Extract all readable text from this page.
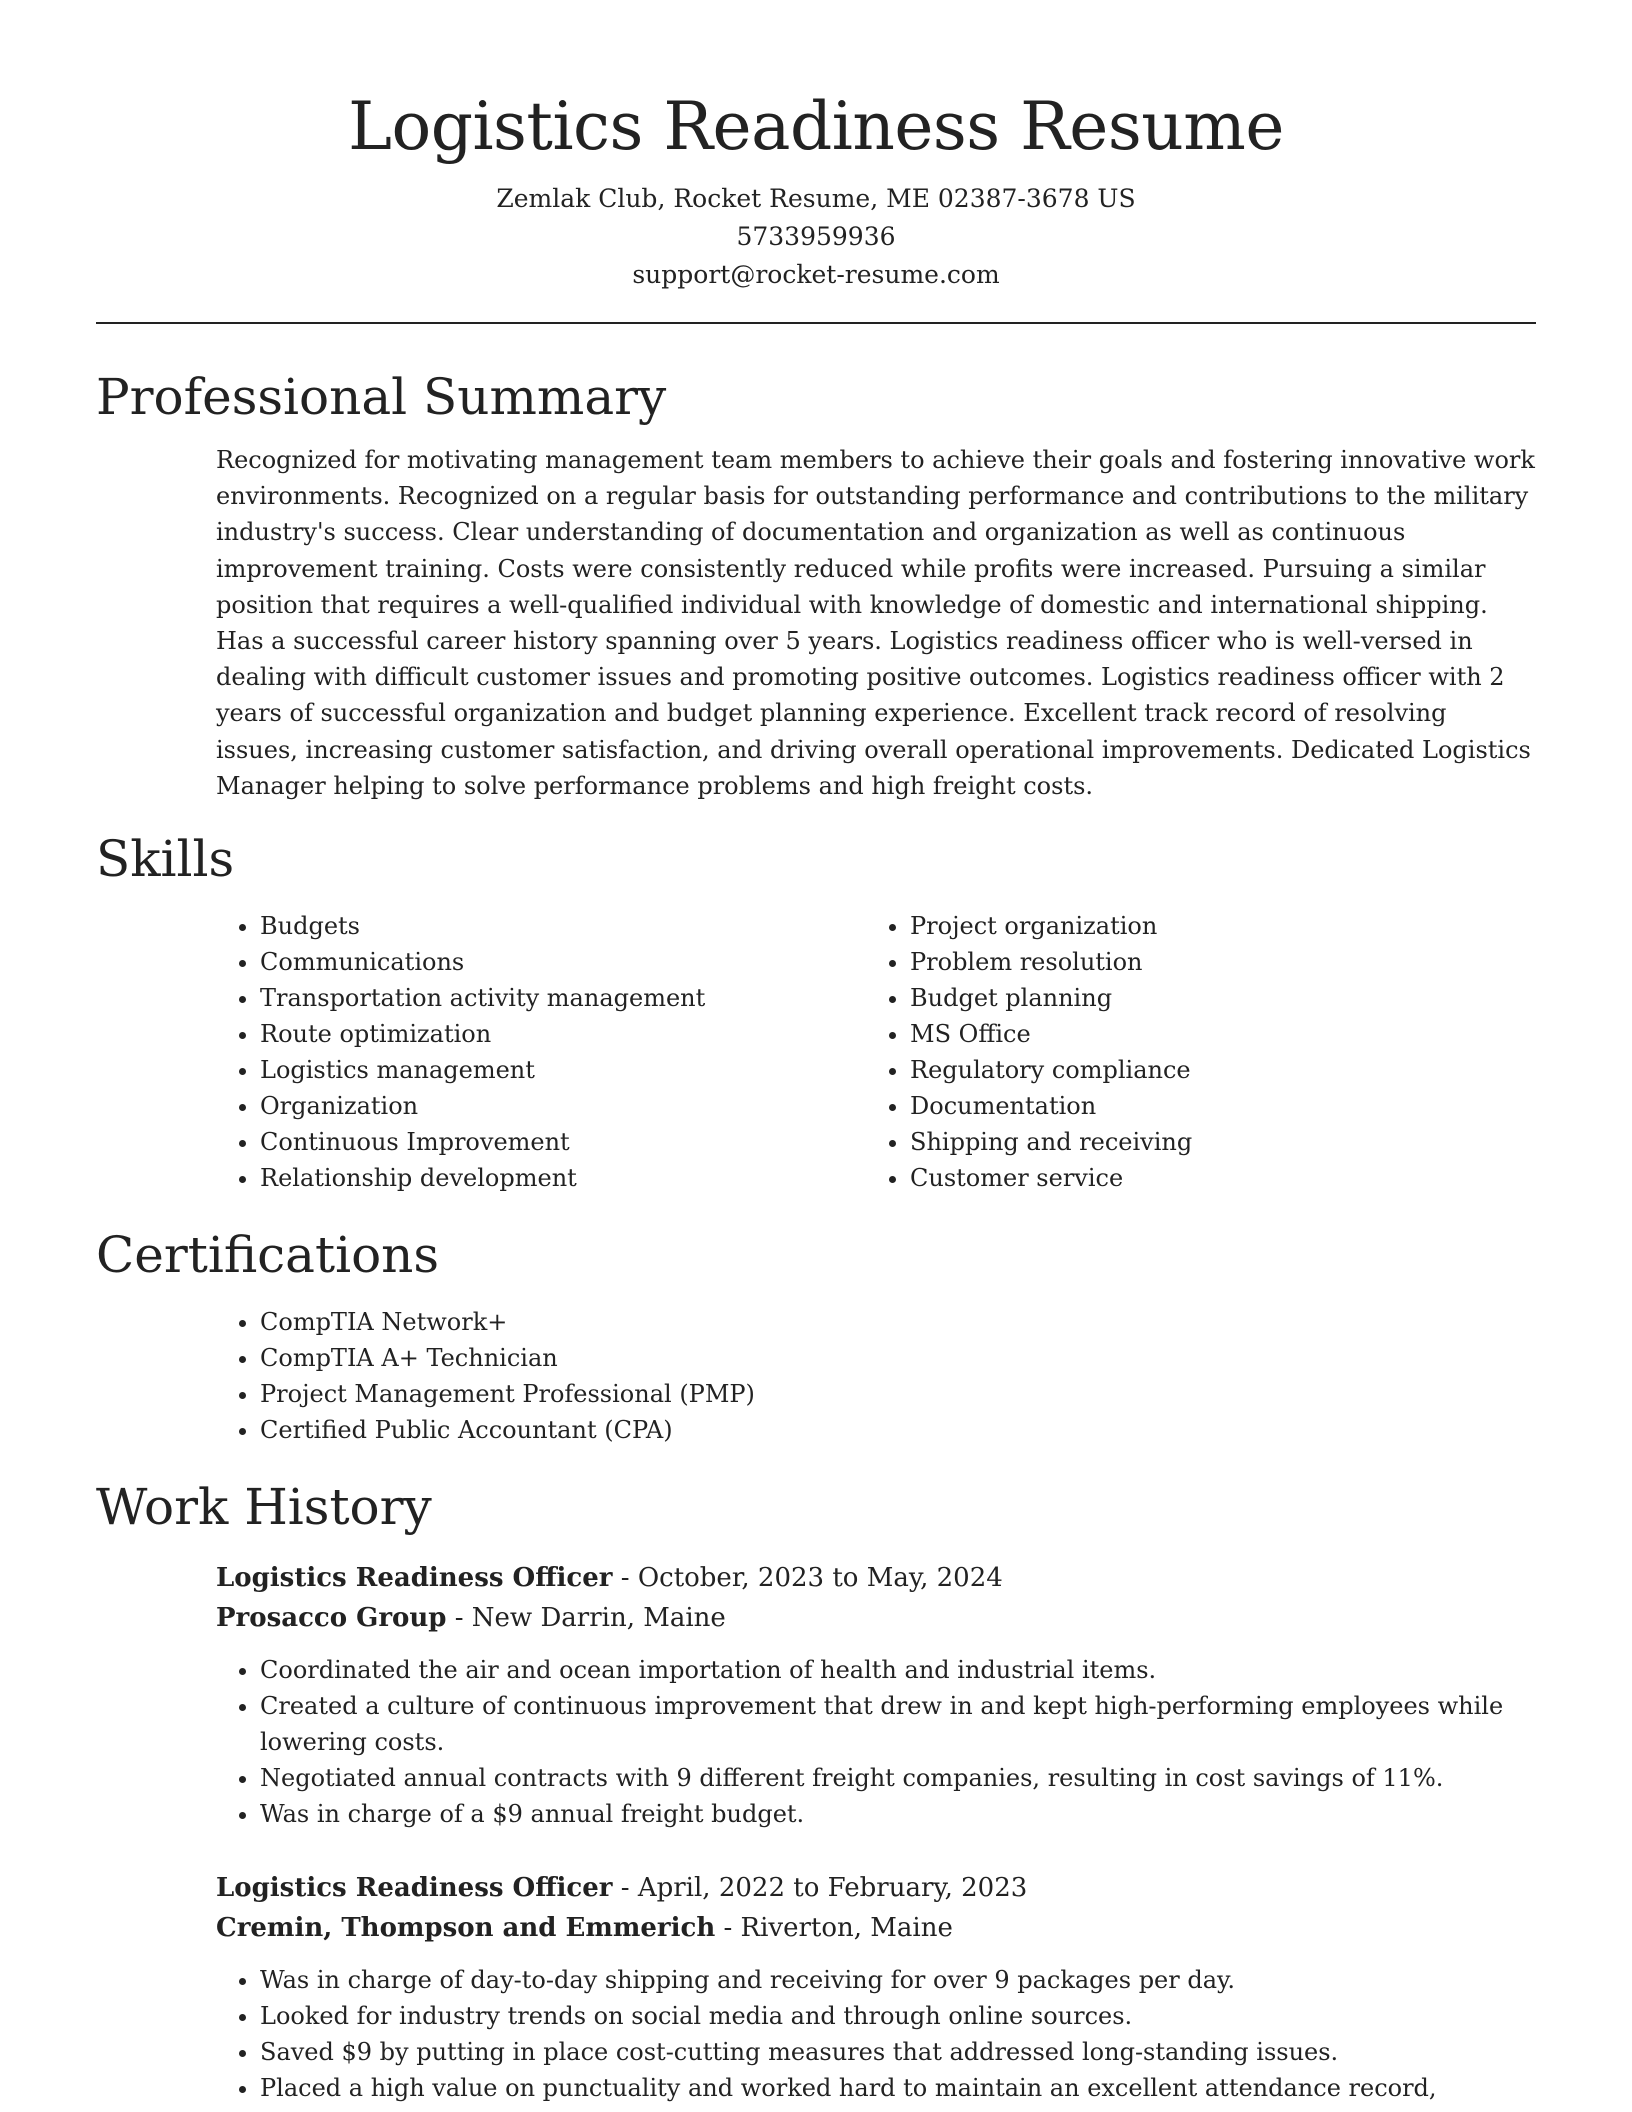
Logistics Readiness Resume
Zemlak Club, Rocket Resume, ME 02387-3678 US
5733959936
support@rocket-resume.com
Professional Summary

Recognized for motivating management team members to achieve their goals and fostering innovative work environments. Recognized on a regular basis for outstanding performance and contributions to the military industry's success. Clear understanding of documentation and organization as well as continuous improvement training. Costs were consistently reduced while profits were increased. Pursuing a similar position that requires a well-qualified individual with knowledge of domestic and international shipping. Has a successful career history spanning over 5 years. Logistics readiness officer who is well-versed in dealing with difficult customer issues and promoting positive outcomes. Logistics readiness officer with 2 years of successful organization and budget planning experience. Excellent track record of resolving issues, increasing customer satisfaction, and driving overall operational improvements. Dedicated Logistics Manager helping to solve performance problems and high freight costs.

Skills
• Budgets
• Communications
• Transportation activity management
• Route optimization
• Logistics management
• Organization
• Continuous Improvement
• Relationship development
• Project organization
• Problem resolution
• Budget planning
• MS Office
• Regulatory compliance
• Documentation
• Shipping and receiving
• Customer service
Certifications
• CompTIA Network+
• CompTIA A+ Technician
• Project Management Professional (PMP)
• Certified Public Accountant (CPA)
Work History
Logistics Readiness Officer - October, 2023 to May, 2024
Prosacco Group - New Darrin, Maine
• Coordinated the air and ocean importation of health and industrial items.
• Created a culture of continuous improvement that drew in and kept high-performing employees while lowering costs.
• Negotiated annual contracts with 9 different freight companies, resulting in cost savings of 11%.
• Was in charge of a $9 annual freight budget.
Logistics Readiness Officer - April, 2022 to February, 2023
Cremin, Thompson and Emmerich - Riverton, Maine
• Was in charge of day-to-day shipping and receiving for over 9 packages per day.
• Looked for industry trends on social media and through online sources.
• Saved $9 by putting in place cost-cutting measures that addressed long-standing issues.
• Placed a high value on punctuality and worked hard to maintain an excellent attendance record,
